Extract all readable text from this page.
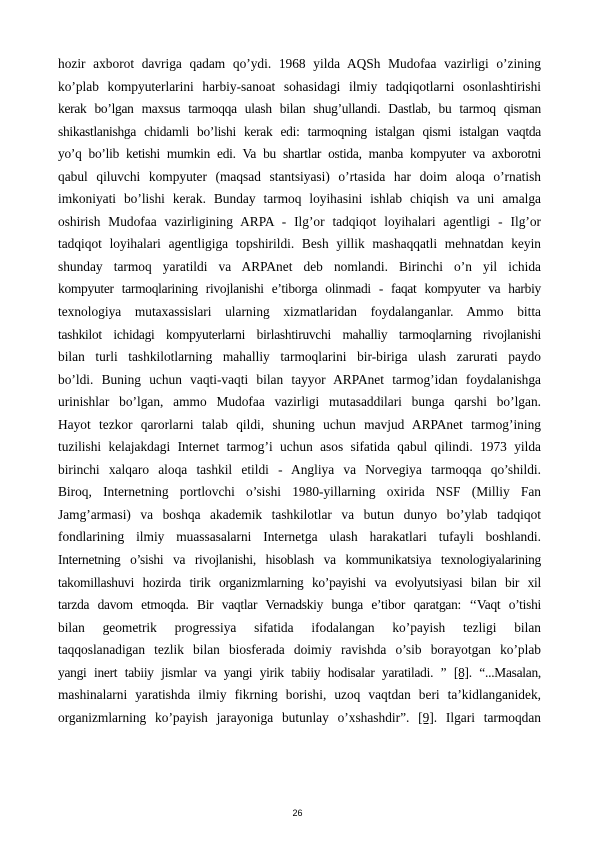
hozir axborot davriga qadam qo’ydi. 1968 yilda AQSh Mudofaa vazirligi o’zining
ko’plab kompyuterlarini harbiy-sanoat sohasidagi ilmiy tadqiqotlarni osonlashtirishi
kerak bo’lgan maxsus tarmoqqa ulash bilan shug’ullandi. Dastlab, bu tarmoq qisman
shikastlanishga chidamli bo’lishi kerak edi: tarmoqning istalgan qismi istalgan vaqtda
yo’q bo’lib ketishi mumkin edi. Va bu shartlar ostida, manba kompyuter va axborotni
qabul qiluvchi kompyuter (maqsad stantsiyasi) o’rtasida har doim aloqa o’rnatish
imkoniyati bo’lishi kerak. Bunday tarmoq loyihasini ishlab chiqish va uni amalga
oshirish Mudofaa vazirligining ARPA - Ilg’or tadqiqot loyihalari agentligi - Ilg’or
tadqiqot loyihalari agentligiga topshirildi. Besh yillik mashaqqatli mehnatdan keyin
shunday tarmoq yaratildi va ARPAnet deb nomlandi. Birinchi o’n yil ichida
kompyuter tarmoqlarining rivojlanishi e’tiborga olinmadi - faqat kompyuter va harbiy
texnologiya mutaxassislari ularning xizmatlaridan foydalanganlar. Ammo bitta
tashkilot ichidagi kompyuterlarni birlashtiruvchi mahalliy tarmoqlarning rivojlanishi
bilan turli tashkilotlarning mahalliy tarmoqlarini bir-biriga ulash zarurati paydo
bo’ldi. Buning uchun vaqti-vaqti bilan tayyor ARPAnet tarmog’idan foydalanishga
urinishlar bo’lgan, ammo Mudofaa vazirligi mutasaddilari bunga qarshi bo’lgan.
Hayot tezkor qarorlarni talab qildi, shuning uchun mavjud ARPAnet tarmog’ining
tuzilishi kelajakdagi Internet tarmog’i uchun asos sifatida qabul qilindi. 1973 yilda
birinchi xalqaro aloqa tashkil etildi - Angliya va Norvegiya tarmoqqa qo’shildi.
Biroq, Internetning portlovchi o’sishi 1980-yillarning oxirida NSF (Milliy Fan
Jamg’armasi) va boshqa akademik tashkilotlar va butun dunyo bo’ylab tadqiqot
fondlarining ilmiy muassasalarni Internetga ulash harakatlari tufayli boshlandi.
Internetning o’sishi va rivojlanishi, hisoblash va kommunikatsiya texnologiyalarining
takomillashuvi hozirda tirik organizmlarning ko’payishi va evolyutsiyasi bilan bir xil
tarzda davom etmoqda. Bir vaqtlar Vernadskiy bunga e’tibor qaratgan: ‘‘Vaqt o’tishi
bilan geometrik progressiya sifatida ifodalangan ko’payish tezligi bilan
taqqoslanadigan tezlik bilan biosferada doimiy ravishda o’sib borayotgan ko’plab
yangi inert tabiiy jismlar va yangi yirik tabiiy hodisalar yaratiladi. ” [8]. “...Masalan,
mashinalarni yaratishda ilmiy fikrning borishi, uzoq vaqtdan beri ta’kidlanganidek,
organizmlarning ko’payish jarayoniga butunlay o’xshashdir”. [9]. Ilgari tarmoqdan
26
